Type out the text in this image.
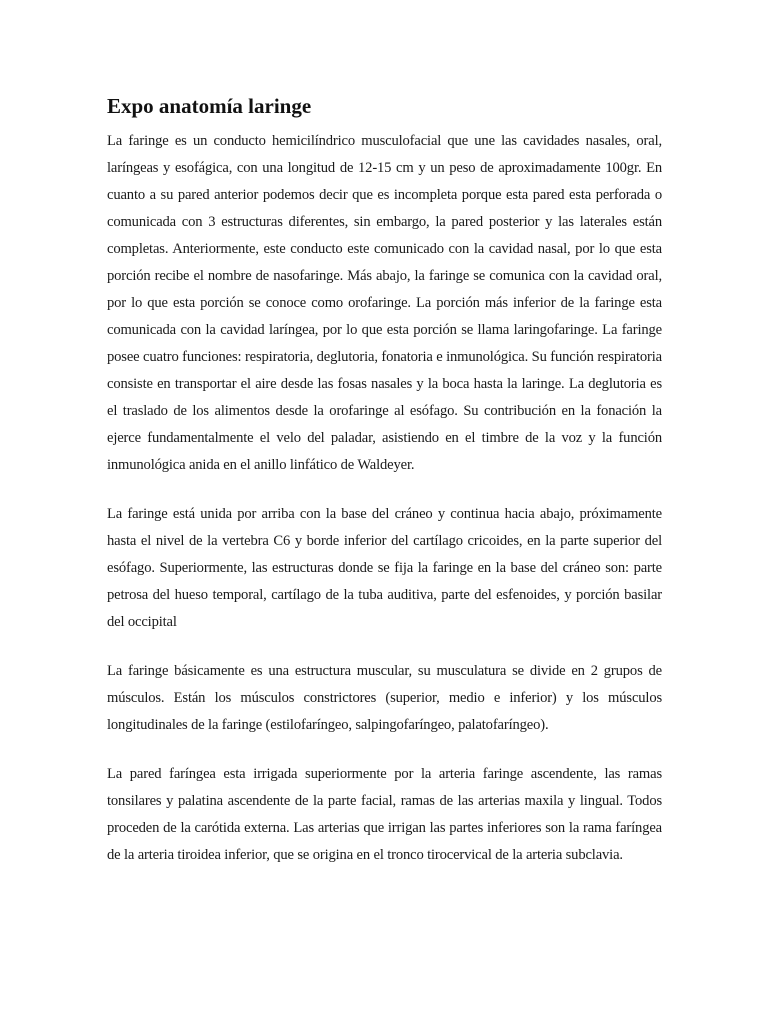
Expo anatomía laringe

La faringe es un conducto hemicilíndrico musculofacial que une las cavidades nasales, oral, laríngeas y esofágica, con una longitud de 12-15 cm y un peso de aproximadamente 100gr. En cuanto a su pared anterior podemos decir que es incompleta porque esta pared esta perforada o comunicada con 3 estructuras diferentes, sin embargo, la pared posterior y las laterales están completas. Anteriormente, este conducto este comunicado con la cavidad nasal, por lo que esta porción recibe el nombre de nasofaringe. Más abajo, la faringe se comunica con la cavidad oral, por lo que esta porción se conoce como orofaringe. La porción más inferior de la faringe esta comunicada con la cavidad laríngea, por lo que esta porción se llama laringofaringe. La faringe posee cuatro funciones: respiratoria, deglutoria, fonatoria e inmunológica. Su función respiratoria consiste en transportar el aire desde las fosas nasales y la boca hasta la laringe. La deglutoria es el traslado de los alimentos desde la orofaringe al esófago. Su contribución en la fonación la ejerce fundamentalmente el velo del paladar, asistiendo en el timbre de la voz y la función inmunológica anida en el anillo linfático de Waldeyer.

La faringe está unida por arriba con la base del cráneo y continua hacia abajo, próximamente hasta el nivel de la vertebra C6 y borde inferior del cartílago cricoides, en la parte superior del esófago. Superiormente, las estructuras donde se fija la faringe en la base del cráneo son: parte petrosa del hueso temporal, cartílago de la tuba auditiva, parte del esfenoides, y porción basilar del occipital

La faringe básicamente es una estructura muscular, su musculatura se divide en 2 grupos de músculos. Están los músculos constrictores (superior, medio e inferior) y los músculos longitudinales de la faringe (estilofaríngeo, salpingofaríngeo, palatofaríngeo).

La pared faríngea esta irrigada superiormente por la arteria faringe ascendente, las ramas tonsilares y palatina ascendente de la parte facial, ramas de las arterias maxila y lingual. Todos proceden de la carótida externa. Las arterias que irrigan las partes inferiores son la rama faríngea de la arteria tiroidea inferior, que se origina en el tronco tirocervical de la arteria subclavia.
